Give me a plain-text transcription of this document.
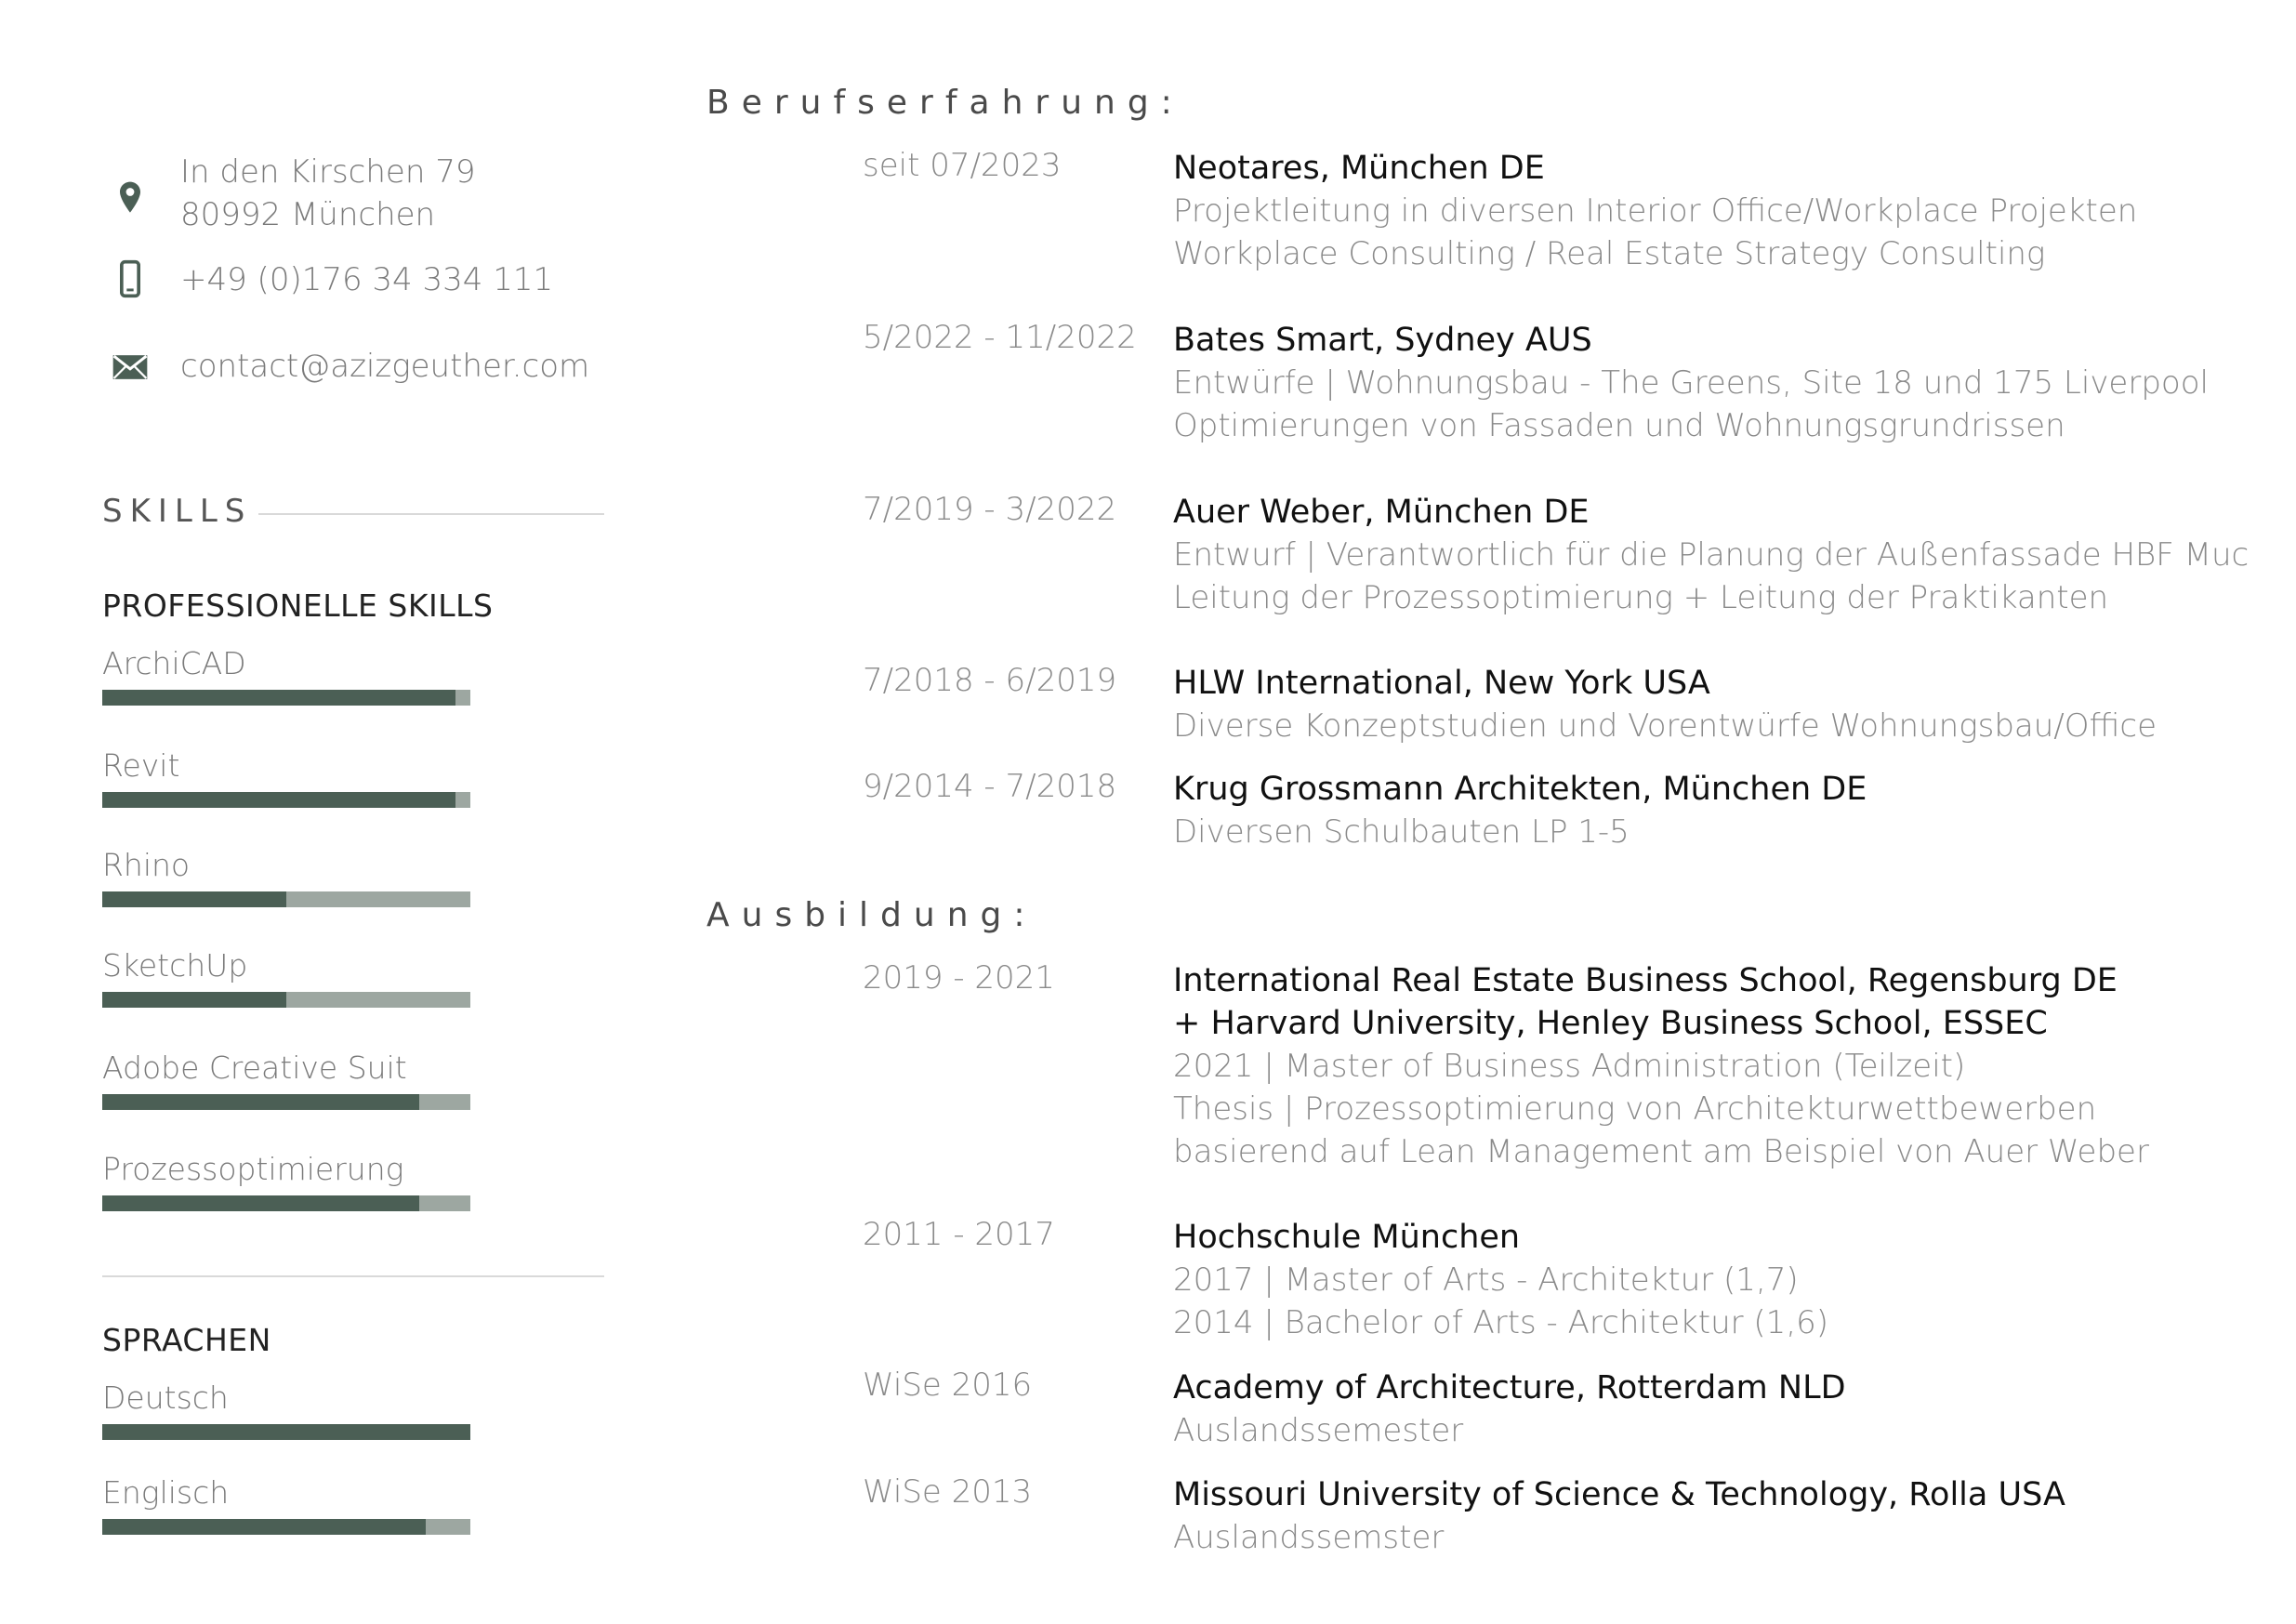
In den Kirschen 79
80992 München
+49 (0)176 34 334 111
contact@azizgeuther.com
SKILLS
PROFESSIONELLE SKILLS
ArchiCAD
Revit
Rhino
SketchUp
Adobe Creative Suit
Prozessoptimierung
SPRACHEN
Deutsch
Englisch
Berufserfahrung:
seit 07/2023	Neotares, München DE
Projektleitung in diversen Interior Office/Workplace Projekten
Workplace Consulting / Real Estate Strategy Consulting
5/2022 - 11/2022 Bates Smart, Sydney AUS
Entwürfe | Wohnungsbau - The Greens, Site 18 und 175 Liverpool
Optimierungen von Fassaden und Wohnungsgrundrissen
7/2019 - 3/2022 Auer Weber, München DE
Entwurf | Verantwortlich für die Planung der Außenfassade HBF Muc
Leitung der Prozessoptimierung + Leitung der Praktikanten
7/2018 - 6/2019 HLW International, New York USA
Diverse Konzeptstudien und Vorentwürfe Wohnungsbau/Office
9/2014 - 7/2018 Krug Grossmann Architekten, München DE
Diversen Schulbauten LP 1-5
Ausbildung:
2019 - 2021	International Real Estate Business School, Regensburg DE
+ Harvard University, Henley Business School, ESSEC
2021 | Master of Business Administration (Teilzeit)
Thesis | Prozessoptimierung von Architekturwettbewerben
basierend auf Lean Management am Beispiel von Auer Weber
2011 - 2017	Hochschule München
2017 | Master of Arts - Architektur (1,7)
2014 | Bachelor of Arts - Architektur (1,6)
WiSe 2016	Academy of Architecture, Rotterdam NLD
Auslandssemester
WiSe 2013	Missouri University of Science & Technology, Rolla USA
Auslandssemster
